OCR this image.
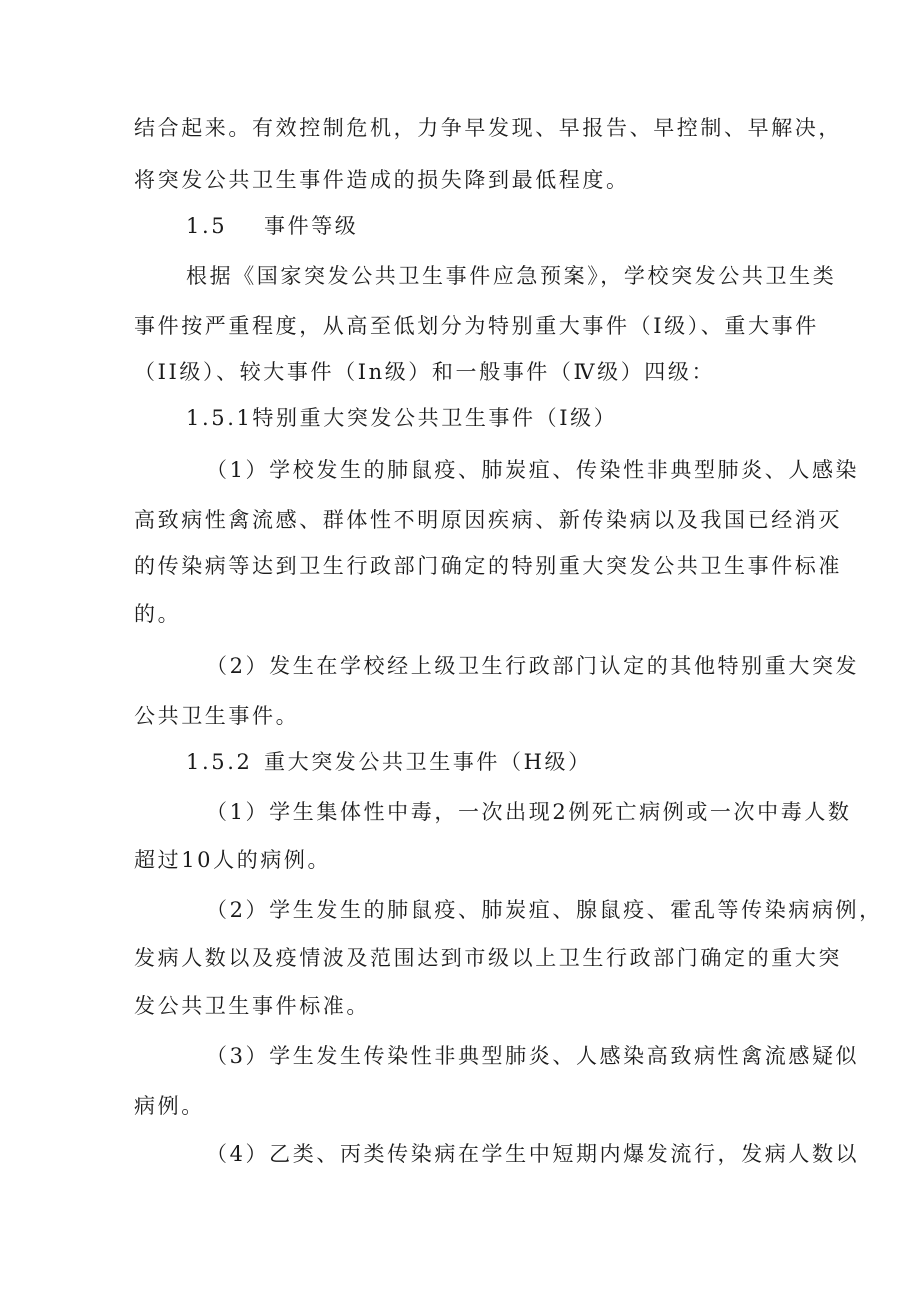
结合起来。有效控制危机，力争早发现、早报告、早控制、早解决，

将突发公共卫生事件造成的损失降到最低程度。

1.5 事件等级

根据《国家突发公共卫生事件应急预案》，学校突发公共卫生类

事件按严重程度，从高至低划分为特别重大事件（Ⅰ级）、重大事件

（II级）、较大事件（In级）和一般事件（Ⅳ级）四级：

1.5.1特别重大突发公共卫生事件（Ⅰ级）

（1）学校发生的肺鼠疫、肺炭疽、传染性非典型肺炎、人感染

高致病性禽流感、群体性不明原因疾病、新传染病以及我国已经消灭

的传染病等达到卫生行政部门确定的特别重大突发公共卫生事件标准

的。

（2）发生在学校经上级卫生行政部门认定的其他特别重大突发

公共卫生事件。

1.5.2 重大突发公共卫生事件（H级）

（1）学生集体性中毒，一次出现2例死亡病例或一次中毒人数

超过10人的病例。

（2）学生发生的肺鼠疫、肺炭疽、腺鼠疫、霍乱等传染病病例，

发病人数以及疫情波及范围达到市级以上卫生行政部门确定的重大突

发公共卫生事件标准。

（3）学生发生传染性非典型肺炎、人感染高致病性禽流感疑似

病例。

（4）乙类、丙类传染病在学生中短期内爆发流行，发病人数以
